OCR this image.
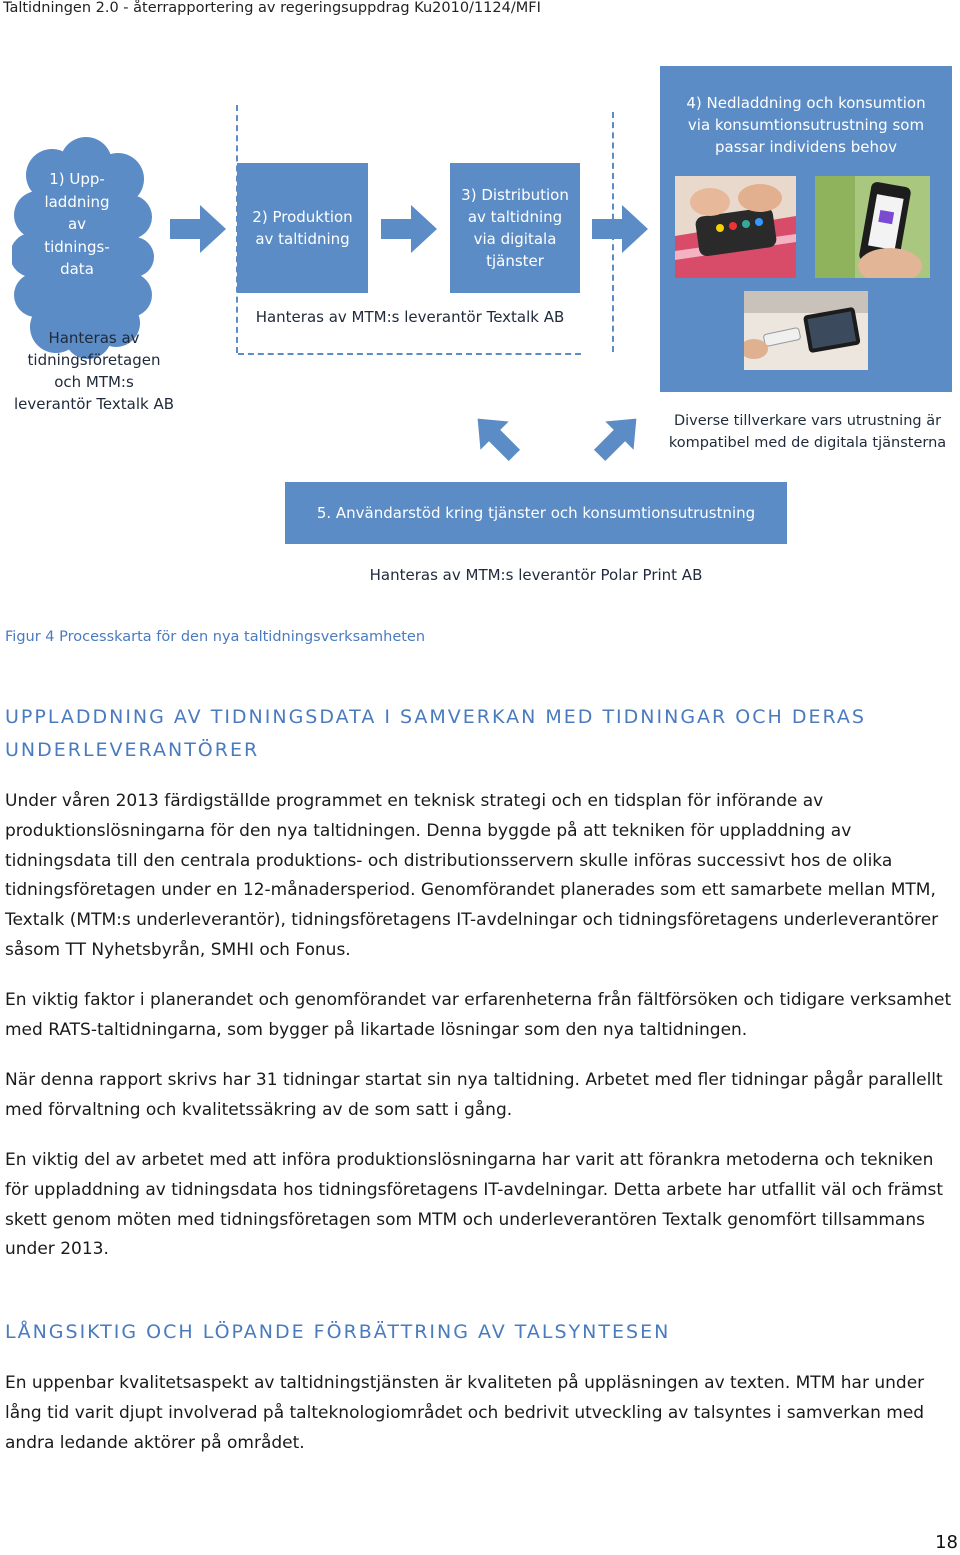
Taltidningen 2.0 - återrapportering av regeringsuppdrag Ku2010/1124/MFI
1) Upp-
laddning
av
tidnings-
data
Hanteras av
tidningsföretagen
och MTM:s
leverantör Textalk AB
2) Produktion
av taltidning
3) Distribution
av taltidning
via digitala
tjänster
Hanteras av MTM:s leverantör Textalk AB
4) Nedladdning och konsumtion
via konsumtionsutrustning som
passar individens behov
Diverse tillverkare vars utrustning är
kompatibel med de digitala tjänsterna
5. Användarstöd kring tjänster och konsumtionsutrustning
Hanteras av MTM:s leverantör Polar Print AB
Figur 4 Processkarta för den nya taltidningsverksamheten
UPPLADDNING AV TIDNINGSDATA I SAMVERKAN MED TIDNINGAR OCH DERAS UNDERLEVERANTÖRER
Under våren 2013 färdigställde programmet en teknisk strategi och en tidsplan för införande av produktionslösningarna för den nya taltidningen. Denna byggde på att tekniken för uppladdning av tidningsdata till den centrala produktions- och distributionsservern skulle införas successivt hos de olika tidningsföretagen under en 12-månadersperiod. Genomförandet planerades som ett samarbete mellan MTM, Textalk (MTM:s underleverantör), tidningsföretagens IT-avdelningar och tidningsföretagens underleverantörer såsom TT Nyhetsbyrån, SMHI och Fonus.
En viktig faktor i planerandet och genomförandet var erfarenheterna från fältförsöken och tidigare verksamhet med RATS-taltidningarna, som bygger på likartade lösningar som den nya taltidningen.
När denna rapport skrivs har 31 tidningar startat sin nya taltidning. Arbetet med fler tidningar pågår parallellt med förvaltning och kvalitetssäkring av de som satt i gång.
En viktig del av arbetet med att införa produktionslösningarna har varit att förankra metoderna och tekniken för uppladdning av tidningsdata hos tidningsföretagens IT-avdelningar. Detta arbete har utfallit väl och främst skett genom möten med tidningsföretagen som MTM och underleverantören Textalk genomfört tillsammans under 2013.
LÅNGSIKTIG OCH LÖPANDE FÖRBÄTTRING AV TALSYNTESEN
En uppenbar kvalitetsaspekt av taltidningstjänsten är kvaliteten på uppläsningen av texten. MTM har under lång tid varit djupt involverad på talteknologiområdet och bedrivit utveckling av talsyntes i samverkan med andra ledande aktörer på området.
18
